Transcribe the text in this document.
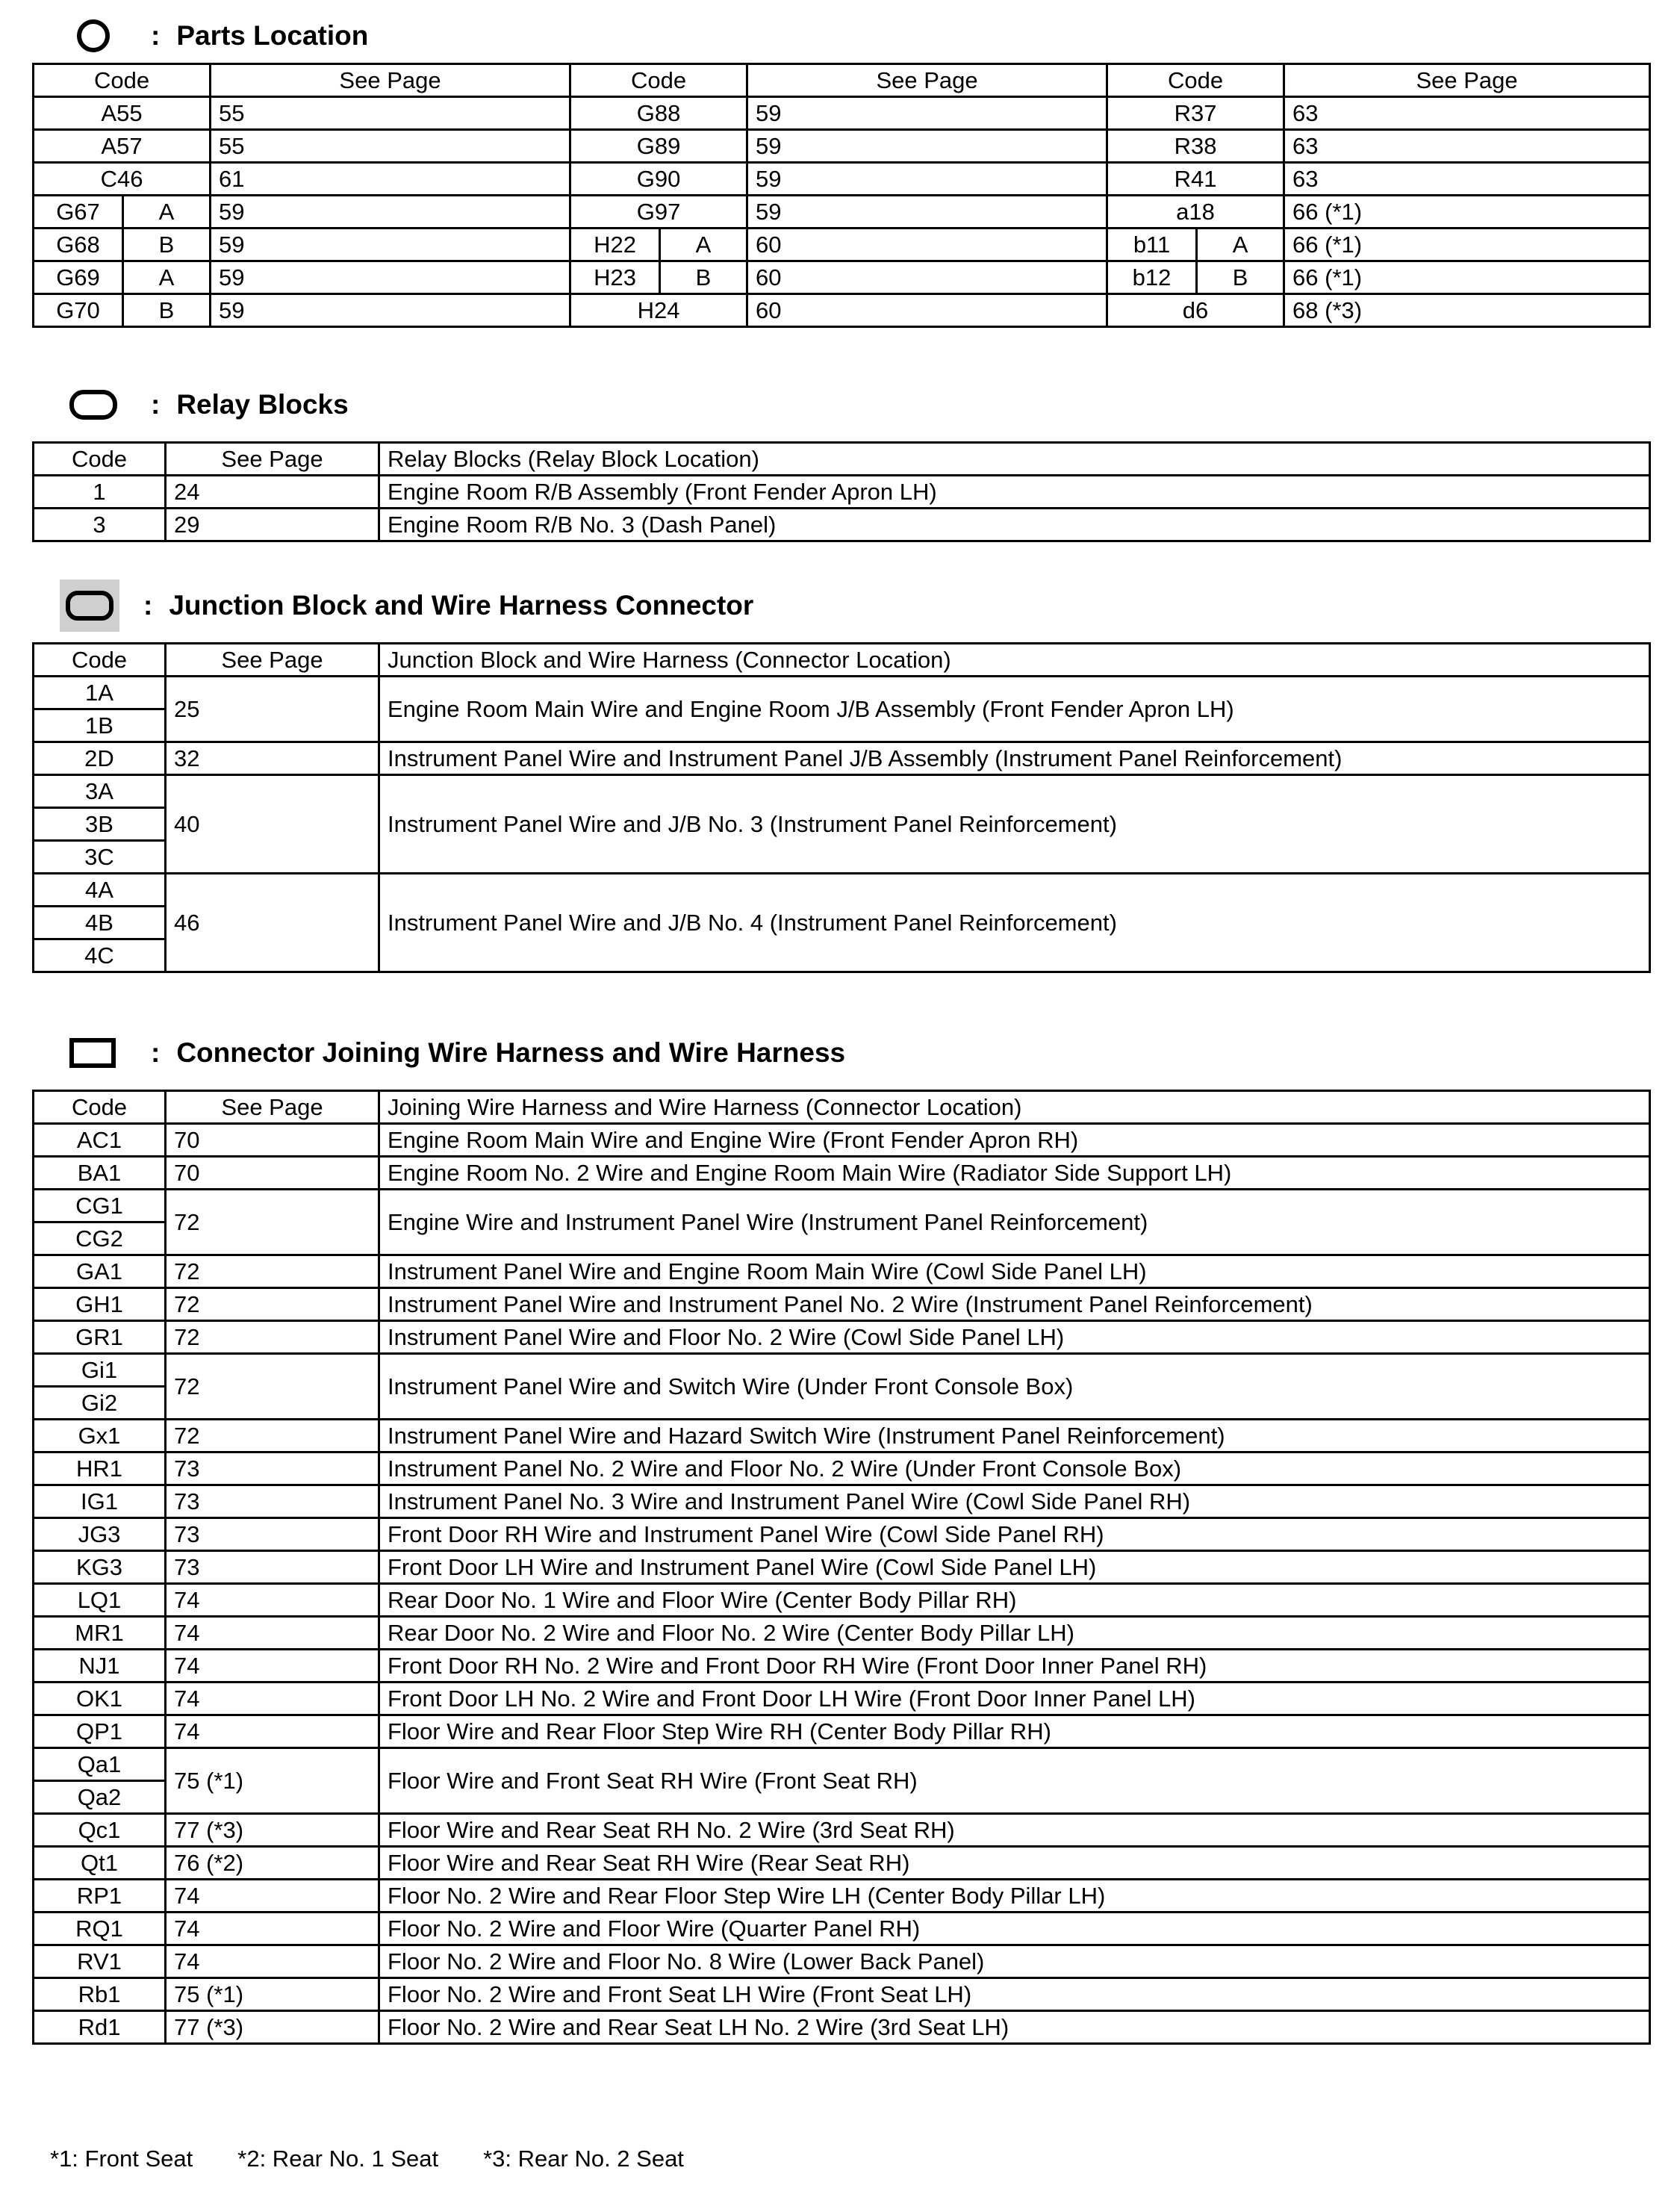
: Parts Location
Code		See Page	Code		See Page	Code		See Page
A55		55	G88		59	R37		63
A57		55	G89		59	R38		63
C46		61	G90		59	R41		63
G67	A	59	G97		59	a18		66 (*1)
G68	B	59	H22	A	60	b11	A	66 (*1)
G69	A	59	H23	B	60	b12	B	66 (*1)
G70	B	59	H24		60	d6		68 (*3)
: Relay Blocks
Code	See Page	Relay Blocks (Relay Block Location)
1	24	Engine Room R/B Assembly (Front Fender Apron LH)
3	29	Engine Room R/B No. 3 (Dash Panel)
: Junction Block and Wire Harness Connector
Code	See Page	Junction Block and Wire Harness (Connector Location)
1A	25	Engine Room Main Wire and Engine Room J/B Assembly (Front Fender Apron LH)
1B		
2D	32	Instrument Panel Wire and Instrument Panel J/B Assembly (Instrument Panel Reinforcement)
3A	40	Instrument Panel Wire and J/B No. 3 (Instrument Panel Reinforcement)
3B		
3C		
4A	46	Instrument Panel Wire and J/B No. 4 (Instrument Panel Reinforcement)
4B		
4C		
: Connector Joining Wire Harness and Wire Harness
Code	See Page	Joining Wire Harness and Wire Harness (Connector Location)
AC1	70	Engine Room Main Wire and Engine Wire (Front Fender Apron RH)
BA1	70	Engine Room No. 2 Wire and Engine Room Main Wire (Radiator Side Support LH)
CG1	72	Engine Wire and Instrument Panel Wire (Instrument Panel Reinforcement)
CG2		
GA1	72	Instrument Panel Wire and Engine Room Main Wire (Cowl Side Panel LH)
GH1	72	Instrument Panel Wire and Instrument Panel No. 2 Wire (Instrument Panel Reinforcement)
GR1	72	Instrument Panel Wire and Floor No. 2 Wire (Cowl Side Panel LH)
Gi1	72	Instrument Panel Wire and Switch Wire (Under Front Console Box)
Gi2		
Gx1	72	Instrument Panel Wire and Hazard Switch Wire (Instrument Panel Reinforcement)
HR1	73	Instrument Panel No. 2 Wire and Floor No. 2 Wire (Under Front Console Box)
IG1	73	Instrument Panel No. 3 Wire and Instrument Panel Wire (Cowl Side Panel RH)
JG3	73	Front Door RH Wire and Instrument Panel Wire (Cowl Side Panel RH)
KG3	73	Front Door LH Wire and Instrument Panel Wire (Cowl Side Panel LH)
LQ1	74	Rear Door No. 1 Wire and Floor Wire (Center Body Pillar RH)
MR1	74	Rear Door No. 2 Wire and Floor No. 2 Wire (Center Body Pillar LH)
NJ1	74	Front Door RH No. 2 Wire and Front Door RH Wire (Front Door Inner Panel RH)
OK1	74	Front Door LH No. 2 Wire and Front Door LH Wire (Front Door Inner Panel LH)
QP1	74	Floor Wire and Rear Floor Step Wire RH (Center Body Pillar RH)
Qa1	75 (*1)	Floor Wire and Front Seat RH Wire (Front Seat RH)
Qa2		
Qc1	77 (*3)	Floor Wire and Rear Seat RH No. 2 Wire (3rd Seat RH)
Qt1	76 (*2)	Floor Wire and Rear Seat RH Wire (Rear Seat RH)
RP1	74	Floor No. 2 Wire and Rear Floor Step Wire LH (Center Body Pillar LH)
RQ1	74	Floor No. 2 Wire and Floor Wire (Quarter Panel RH)
RV1	74	Floor No. 2 Wire and Floor No. 8 Wire (Lower Back Panel)
Rb1	75 (*1)	Floor No. 2 Wire and Front Seat LH Wire (Front Seat LH)
Rd1	77 (*3)	Floor No. 2 Wire and Rear Seat LH No. 2 Wire (3rd Seat LH)
*1: Front Seat *2: Rear No. 1 Seat *3: Rear No. 2 Seat
